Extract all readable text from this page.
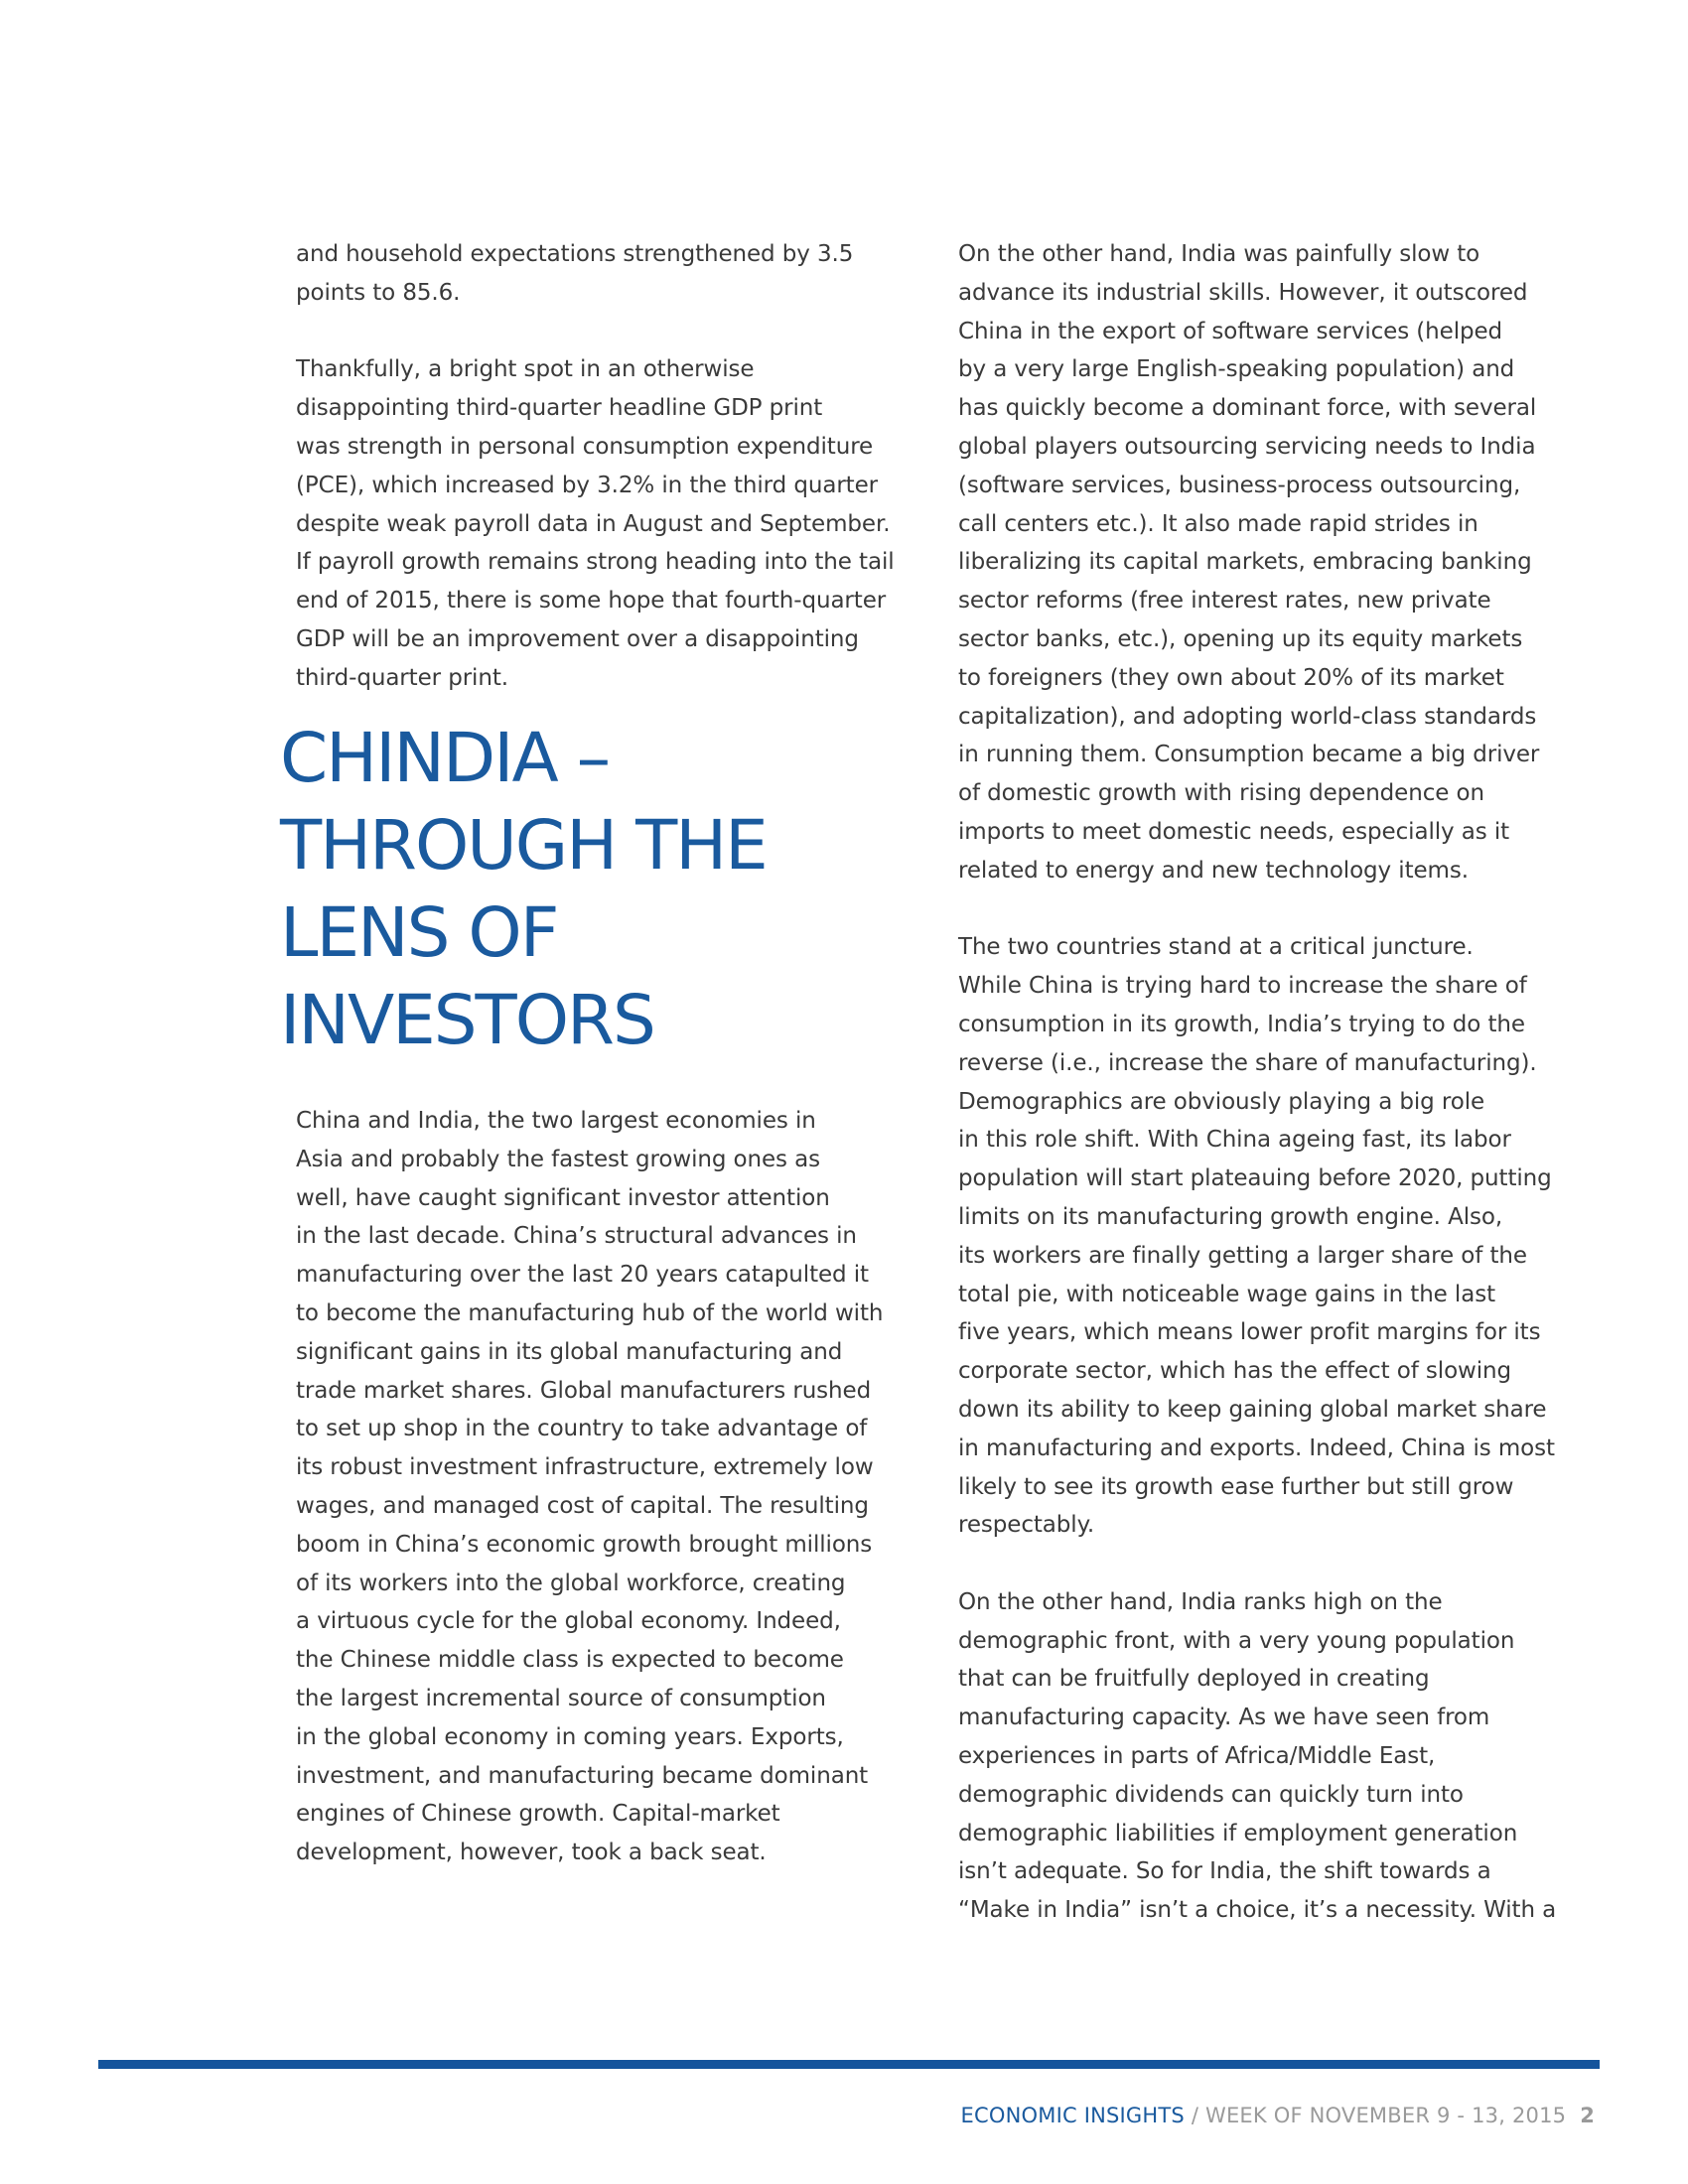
and household expectations strengthened by 3.5
points to 85.6.
Thankfully, a bright spot in an otherwise
disappointing third-quarter headline GDP print
was strength in personal consumption expenditure
(PCE), which increased by 3.2% in the third quarter
despite weak payroll data in August and September.
If payroll growth remains strong heading into the tail
end of 2015, there is some hope that fourth-quarter
GDP will be an improvement over a disappointing
third-quarter print.
CHINDIA –
THROUGH THE
LENS OF
INVESTORS
China and India, the two largest economies in
Asia and probably the fastest growing ones as
well, have caught significant investor attention
in the last decade. China’s structural advances in
manufacturing over the last 20 years catapulted it
to become the manufacturing hub of the world with
significant gains in its global manufacturing and
trade market shares. Global manufacturers rushed
to set up shop in the country to take advantage of
its robust investment infrastructure, extremely low
wages, and managed cost of capital. The resulting
boom in China’s economic growth brought millions
of its workers into the global workforce, creating
a virtuous cycle for the global economy. Indeed,
the Chinese middle class is expected to become
the largest incremental source of consumption
in the global economy in coming years. Exports,
investment, and manufacturing became dominant
engines of Chinese growth. Capital-market
development, however, took a back seat.
On the other hand, India was painfully slow to
advance its industrial skills. However, it outscored
China in the export of software services (helped
by a very large English-speaking population) and
has quickly become a dominant force, with several
global players outsourcing servicing needs to India
(software services, business-process outsourcing,
call centers etc.). It also made rapid strides in
liberalizing its capital markets, embracing banking
sector reforms (free interest rates, new private
sector banks, etc.), opening up its equity markets
to foreigners (they own about 20% of its market
capitalization), and adopting world-class standards
in running them. Consumption became a big driver
of domestic growth with rising dependence on
imports to meet domestic needs, especially as it
related to energy and new technology items.
The two countries stand at a critical juncture.
While China is trying hard to increase the share of
consumption in its growth, India’s trying to do the
reverse (i.e., increase the share of manufacturing).
Demographics are obviously playing a big role
in this role shift. With China ageing fast, its labor
population will start plateauing before 2020, putting
limits on its manufacturing growth engine. Also,
its workers are finally getting a larger share of the
total pie, with noticeable wage gains in the last
five years, which means lower profit margins for its
corporate sector, which has the effect of slowing
down its ability to keep gaining global market share
in manufacturing and exports. Indeed, China is most
likely to see its growth ease further but still grow
respectably.
On the other hand, India ranks high on the
demographic front, with a very young population
that can be fruitfully deployed in creating
manufacturing capacity. As we have seen from
experiences in parts of Africa/Middle East,
demographic dividends can quickly turn into
demographic liabilities if employment generation
isn’t adequate. So for India, the shift towards a
“Make in India” isn’t a choice, it’s a necessity. With a
ECONOMIC INSIGHTS / WEEK OF NOVEMBER 9 - 13, 2015 2
